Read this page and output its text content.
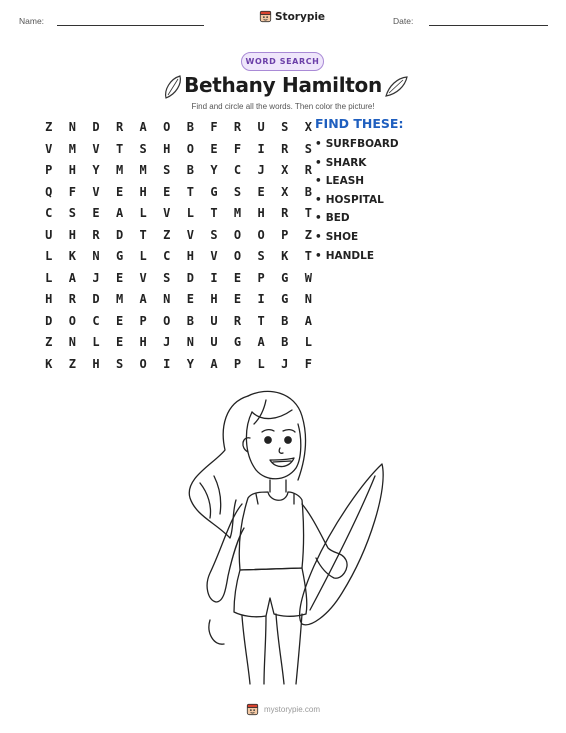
Name:	Storypie	Date:
WORD SEARCH
Bethany Hamilton
Find and circle all the words. Then color the picture!
Z	N	D	R	A	O	B	F	R	U	S	X
V	M	V	T	S	H	O	E	F	I	R	S
P	H	Y	M	M	S	B	Y	C	J	X	R
Q	F	V	E	H	E	T	G	S	E	X	B
C	S	E	A	L	V	L	T	M	H	R	T
U	H	R	D	T	Z	V	S	O	O	P	Z
L	K	N	G	L	C	H	V	O	S	K	T
L	A	J	E	V	S	D	I	E	P	G	W
H	R	D	M	A	N	E	H	E	I	G	N
D	O	C	E	P	O	B	U	R	T	B	A
Z	N	L	E	H	J	N	U	G	A	B	L
K	Z	H	S	O	I	Y	A	P	L	J	F
FIND THESE:
• SURFBOARD
• SHARK
• LEASH
• HOSPITAL
• BED
• SHOE
• HANDLE
mystorypie.com
